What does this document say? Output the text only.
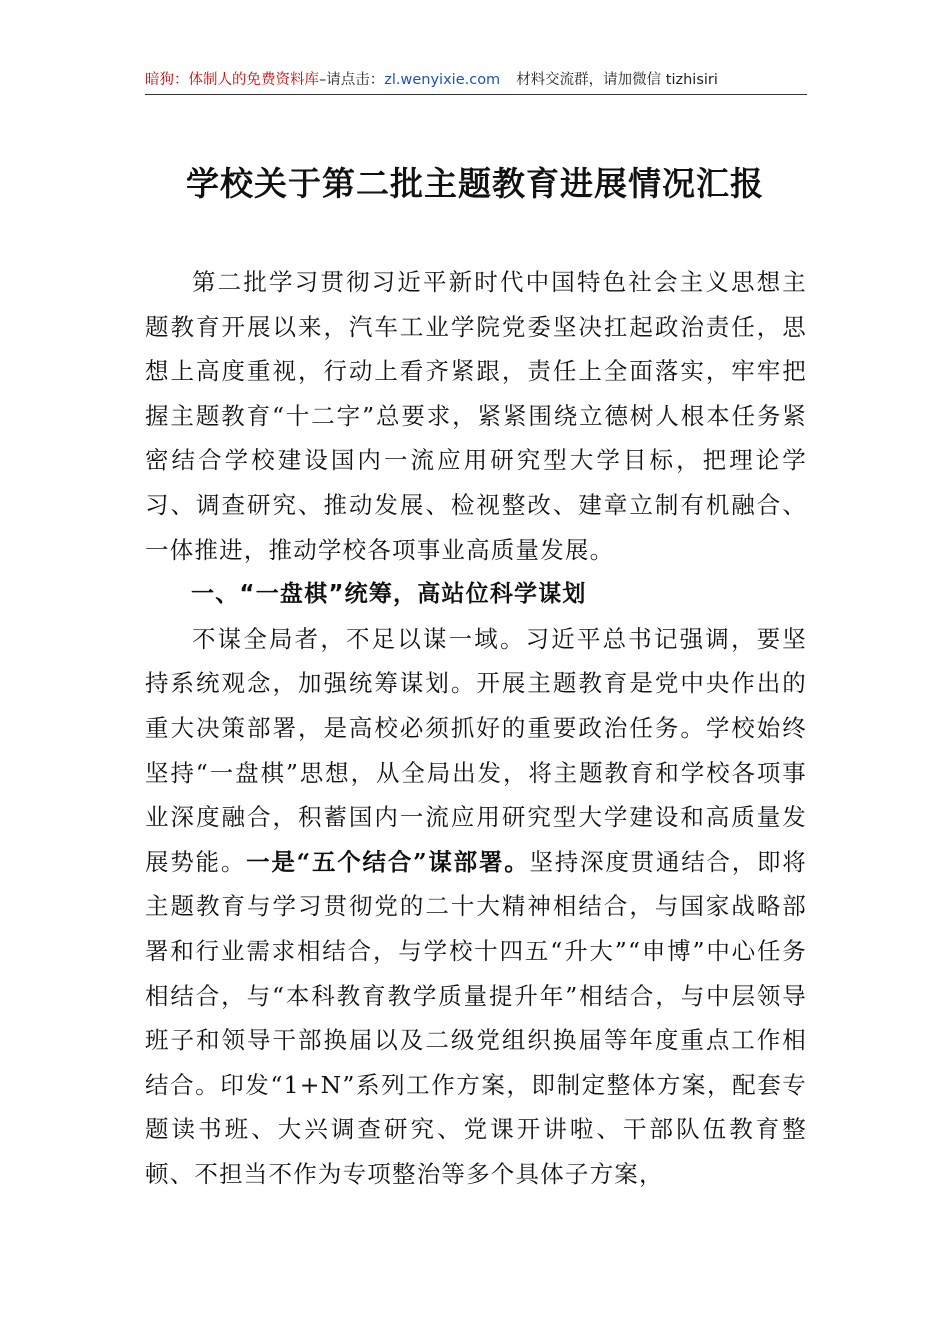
暗狗：体制人的免费资料库–请点击：zl.wenyixie.com 材料交流群，请加微信 tizhisiri
学校关于第二批主题教育进展情况汇报

第二批学习贯彻习近平新时代中国特色社会主义思想主题教育开展以来，汽车工业学院党委坚决扛起政治责任，思想上高度重视，行动上看齐紧跟，责任上全面落实，牢牢把握主题教育“十二字”总要求，紧紧围绕立德树人根本任务紧密结合学校建设国内一流应用研究型大学目标，把理论学习、调查研究、推动发展、检视整改、建章立制有机融合、一体推进，推动学校各项事业高质量发展。

一、“一盘棋”统筹，高站位科学谋划

不谋全局者，不足以谋一域。习近平总书记强调，要坚持系统观念，加强统筹谋划。开展主题教育是党中央作出的重大决策部署，是高校必须抓好的重要政治任务。学校始终坚持“一盘棋”思想，从全局出发，将主题教育和学校各项事业深度融合，积蓄国内一流应用研究型大学建设和高质量发展势能。一是“五个结合”谋部署。坚持深度贯通结合，即将主题教育与学习贯彻党的二十大精神相结合，与国家战略部署和行业需求相结合，与学校十四五“升大”“申博”中心任务相结合，与“本科教育教学质量提升年”相结合，与中层领导班子和领导干部换届以及二级党组织换届等年度重点工作相结合。印发“1+N”系列工作方案，即制定整体方案，配套专题读书班、大兴调查研究、党课开讲啦、干部队伍教育整顿、不担当不作为专项整治等多个具体子方案，
